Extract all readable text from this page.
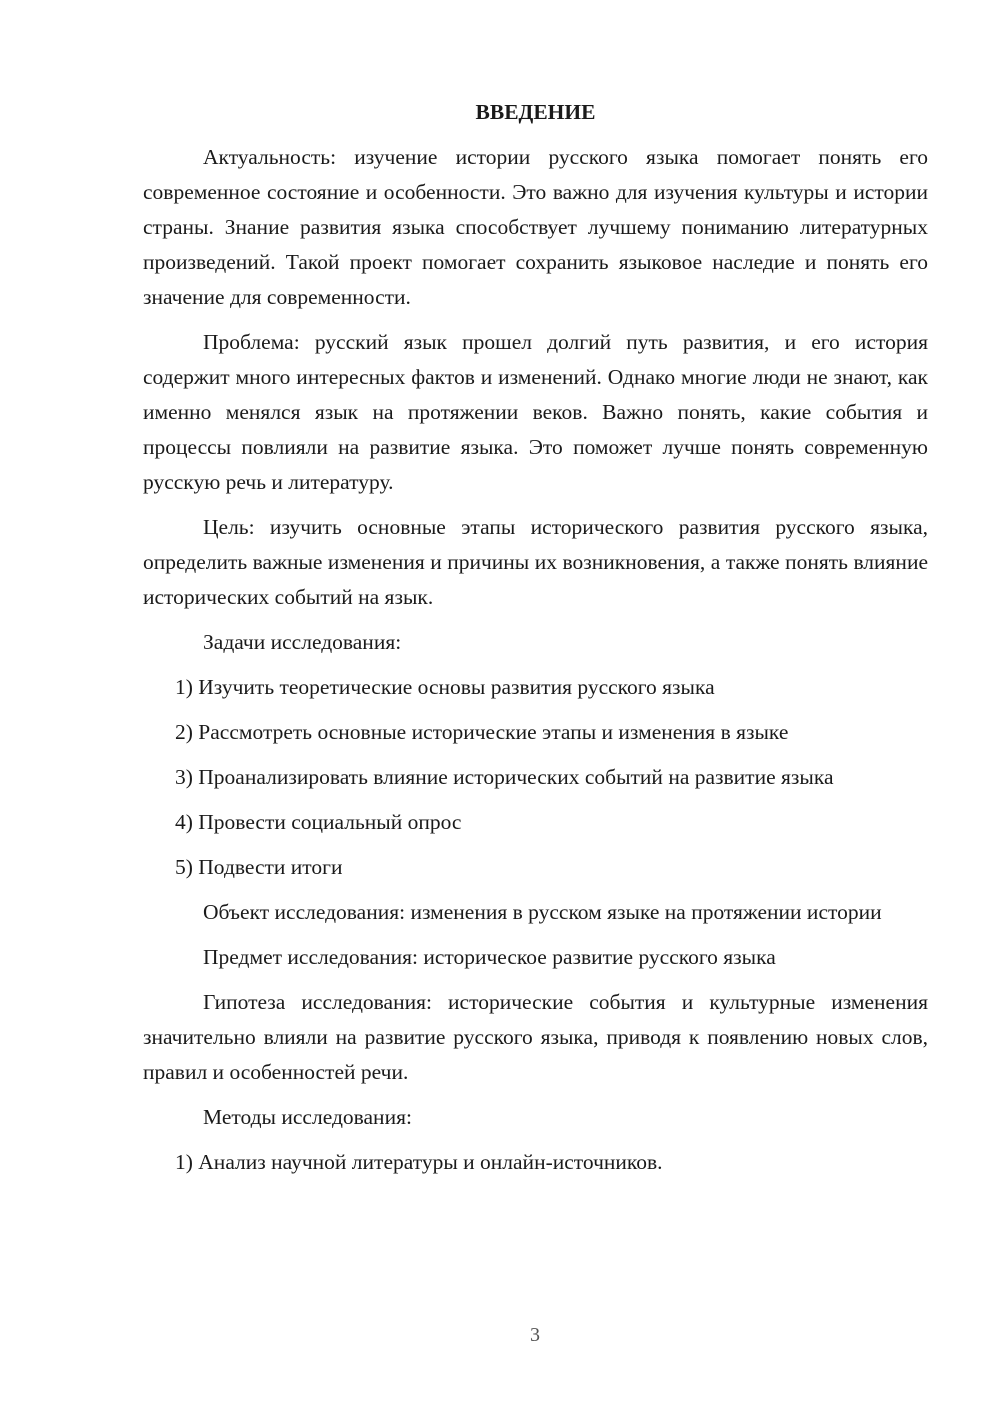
ВВЕДЕНИЕ

Актуальность: изучение истории русского языка помогает понять его современное состояние и особенности. Это важно для изучения культуры и истории страны. Знание развития языка способствует лучшему пониманию литературных произведений. Такой проект помогает сохранить языковое наследие и понять его значение для современности.

Проблема: русский язык прошел долгий путь развития, и его история содержит много интересных фактов и изменений. Однако многие люди не знают, как именно менялся язык на протяжении веков. Важно понять, какие события и процессы повлияли на развитие языка. Это поможет лучше понять современную русскую речь и литературу.

Цель: изучить основные этапы исторического развития русского языка, определить важные изменения и причины их возникновения, а также понять влияние исторических событий на язык.

Задачи исследования:

1) Изучить теоретические основы развития русского языка

2) Рассмотреть основные исторические этапы и изменения в языке

3) Проанализировать влияние исторических событий на развитие языка

4) Провести социальный опрос

5) Подвести итоги

Объект исследования: изменения в русском языке на протяжении истории

Предмет исследования: историческое развитие русского языка

Гипотеза исследования: исторические события и культурные изменения значительно влияли на развитие русского языка, приводя к появлению новых слов, правил и особенностей речи.

Методы исследования:

1) Анализ научной литературы и онлайн-источников.

3
